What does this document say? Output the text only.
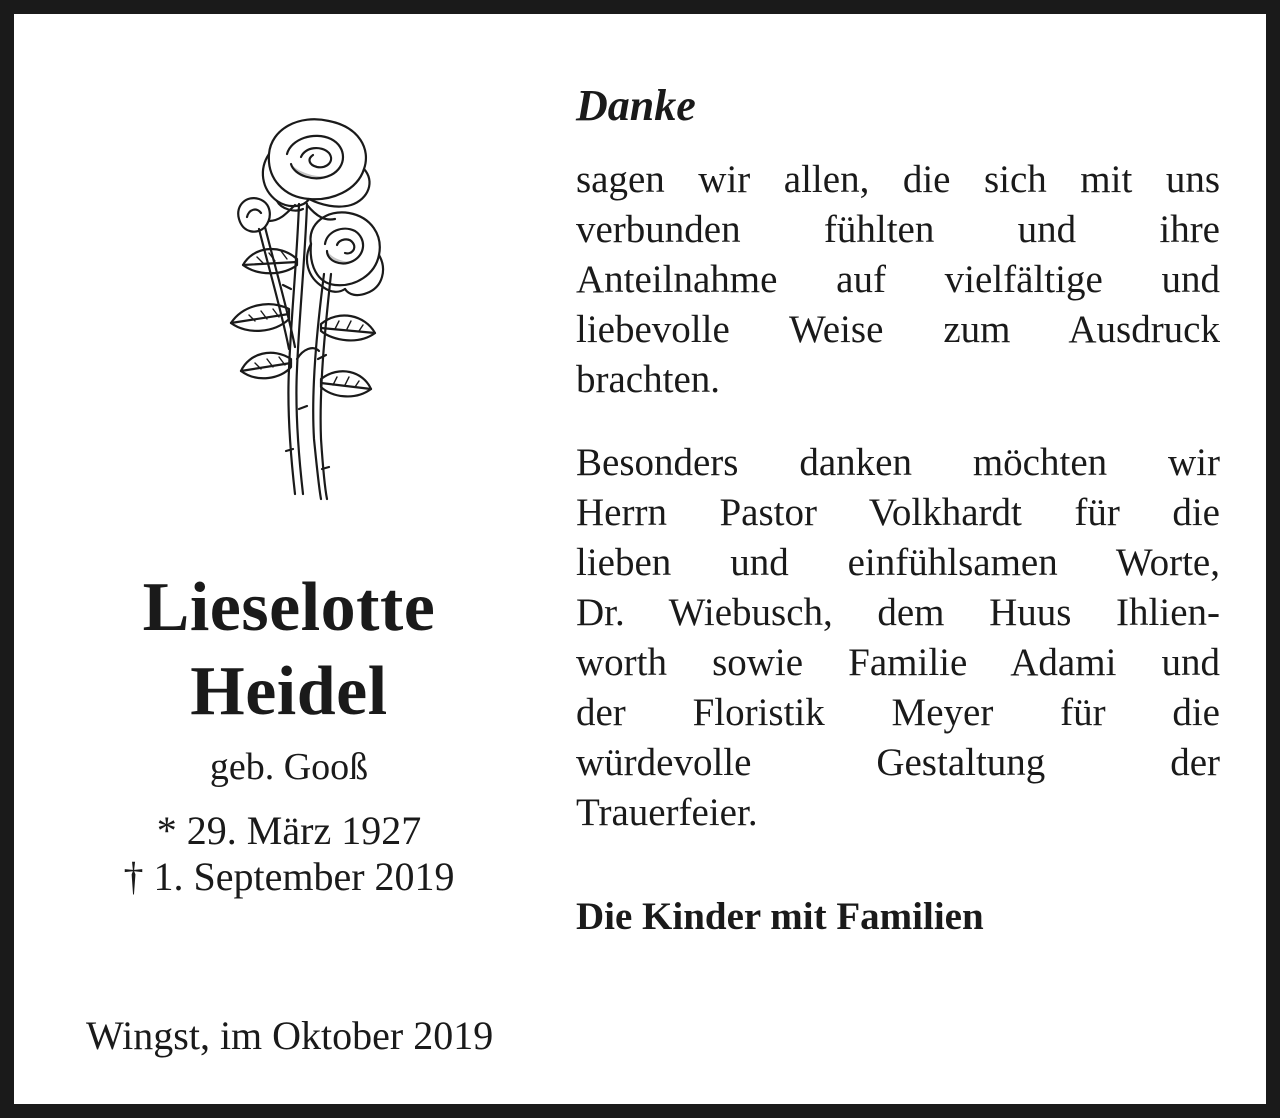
Lieselotte
Heidel
geb. Gooß
* 29. März 1927
† 1. September 2019
Danke
sagen wir allen, die sich mit uns
verbunden fühlten und ihre
Anteilnahme auf vielfältige und
liebevolle Weise zum Ausdruck
brachten.
Besonders danken möchten wir
Herrn Pastor Volkhardt für die
lieben und einfühlsamen Worte,
Dr. Wiebusch, dem Huus Ihlien-
worth sowie Familie Adami und
der Floristik Meyer für die
würdevolle Gestaltung der
Trauerfeier.
Die Kinder mit Familien
Wingst, im Oktober 2019
